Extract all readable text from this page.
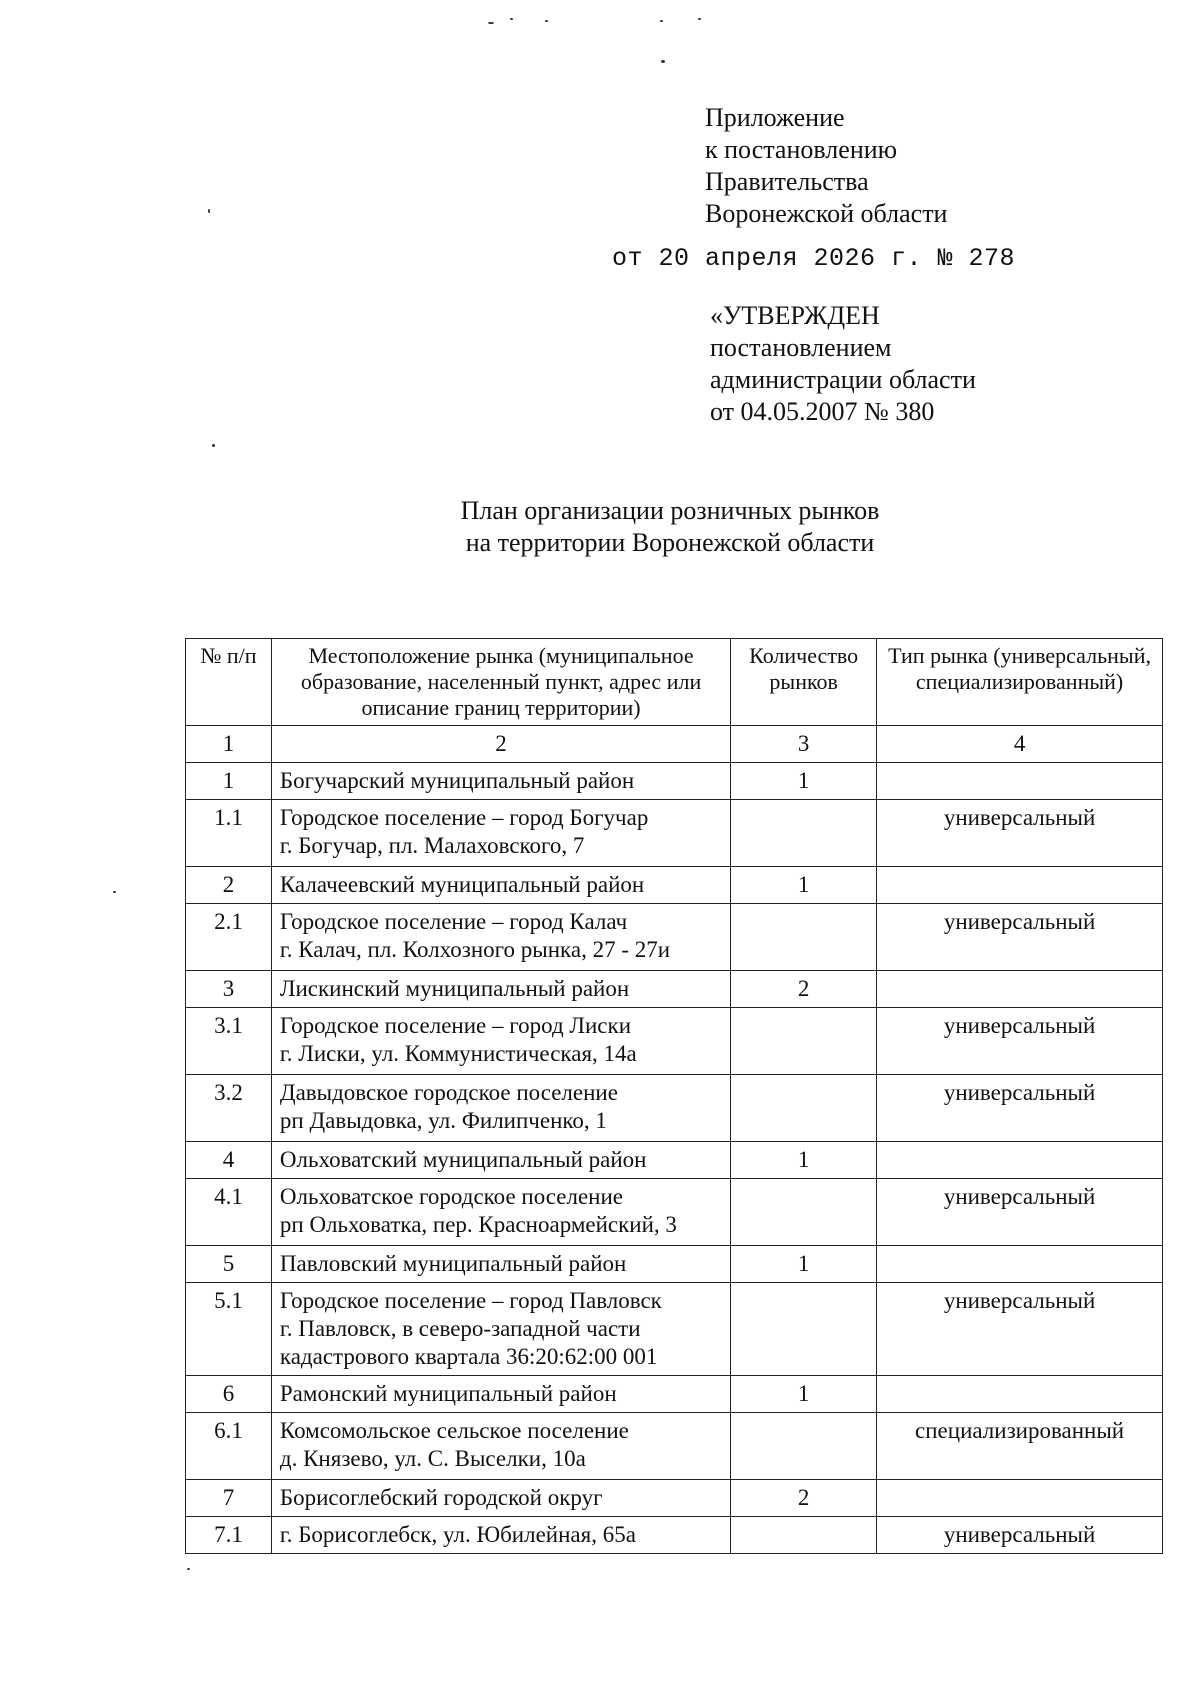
Приложение
к постановлению
Правительства
Воронежской области
от 20 апреля 2026 г. № 278
«УТВЕРЖДЕН
постановлением
администрации области
от 04.05.2007 № 380
План организации розничных рынков
на территории Воронежской области
№ п/п	Местоположение рынка (муниципальное образование, населенный пункт, адрес или описание границ территории)	Количество рынков	Тип рынка (универсальный, специализированный)
1	2	3	4
1	Богучарский муниципальный район	1	
1.1	Городское поселение – город Богучар
г. Богучар, пл. Малаховского, 7		универсальный
2	Калачеевский муниципальный район	1	
2.1	Городское поселение – город Калач
г. Калач, пл. Колхозного рынка, 27 - 27и		универсальный
3	Лискинский муниципальный район	2	
3.1	Городское поселение – город Лиски
г. Лиски, ул. Коммунистическая, 14а		универсальный
3.2	Давыдовское городское поселение
рп Давыдовка, ул. Филипченко, 1		универсальный
4	Ольховатский муниципальный район	1	
4.1	Ольховатское городское поселение
рп Ольховатка, пер. Красноармейский, 3		универсальный
5	Павловский муниципальный район	1	
5.1	Городское поселение – город Павловск
г. Павловск, в северо-западной части
кадастрового квартала 36:20:62:00 001		универсальный
6	Рамонский муниципальный район	1	
6.1	Комсомольское сельское поселение
д. Князево, ул. С. Выселки, 10а		специализированный
7	Борисоглебский городской округ	2	
7.1	г. Борисоглебск, ул. Юбилейная, 65а		универсальный
